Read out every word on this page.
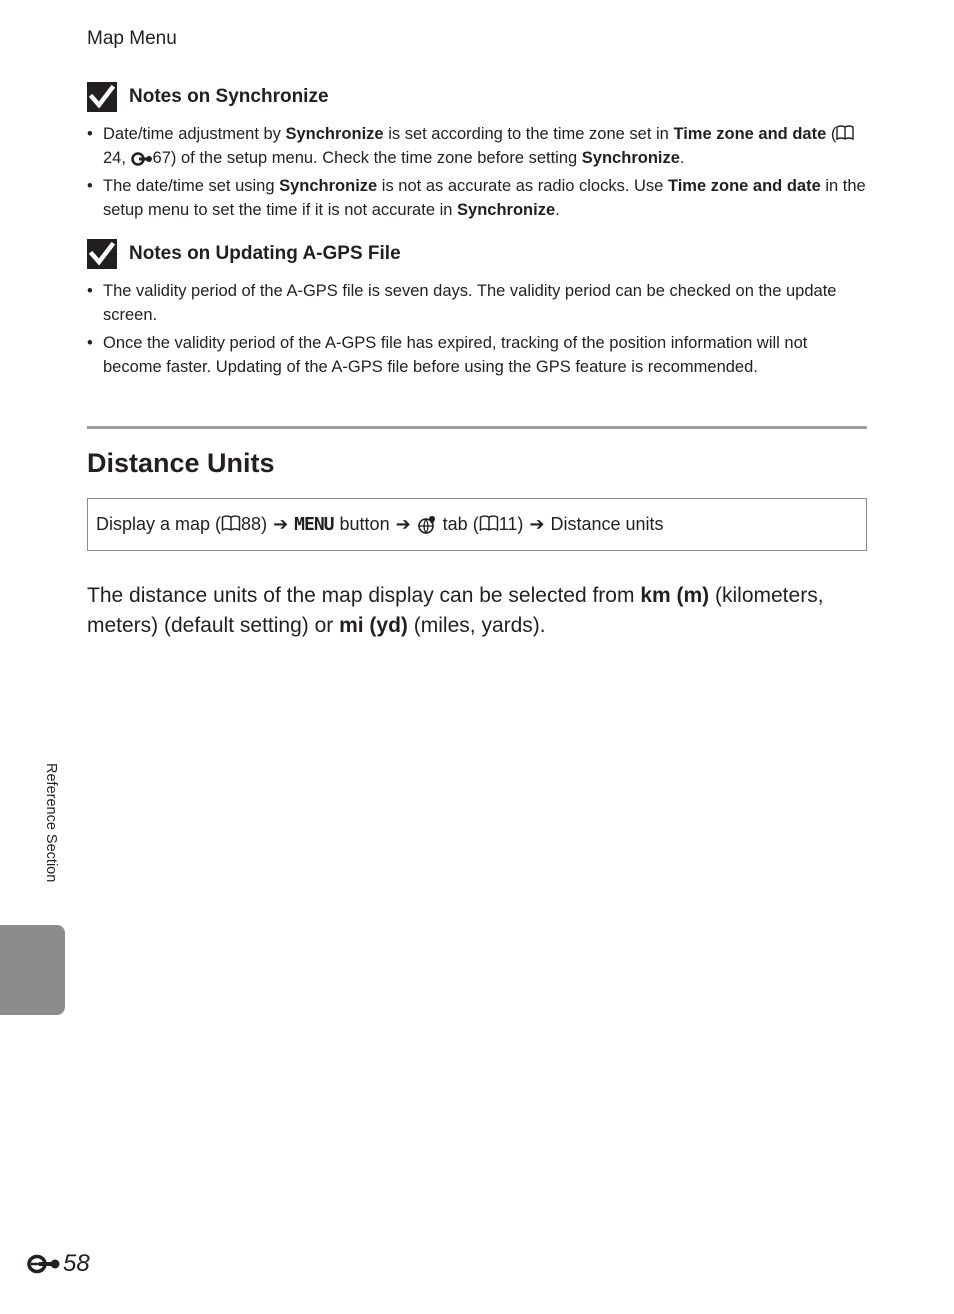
Map Menu
Notes on Synchronize
• Date/time adjustment by Synchronize is set according to the time zone set in Time zone and date (24, 67) of the setup menu. Check the time zone before setting Synchronize.
• The date/time set using Synchronize is not as accurate as radio clocks. Use Time zone and date in the setup menu to set the time if it is not accurate in Synchronize.
Notes on Updating A-GPS File
• The validity period of the A-GPS file is seven days. The validity period can be checked on the update screen.
• Once the validity period of the A-GPS file has expired, tracking of the position information will not become faster. Updating of the A-GPS file before using the GPS feature is recommended.
Distance Units
Display a map ( 88) ➔ MENU button ➔ tab ( 11) ➔ Distance units

The distance units of the map display can be selected from km (m) (kilometers, meters) (default setting) or mi (yd) (miles, yards).

Reference Section
58
